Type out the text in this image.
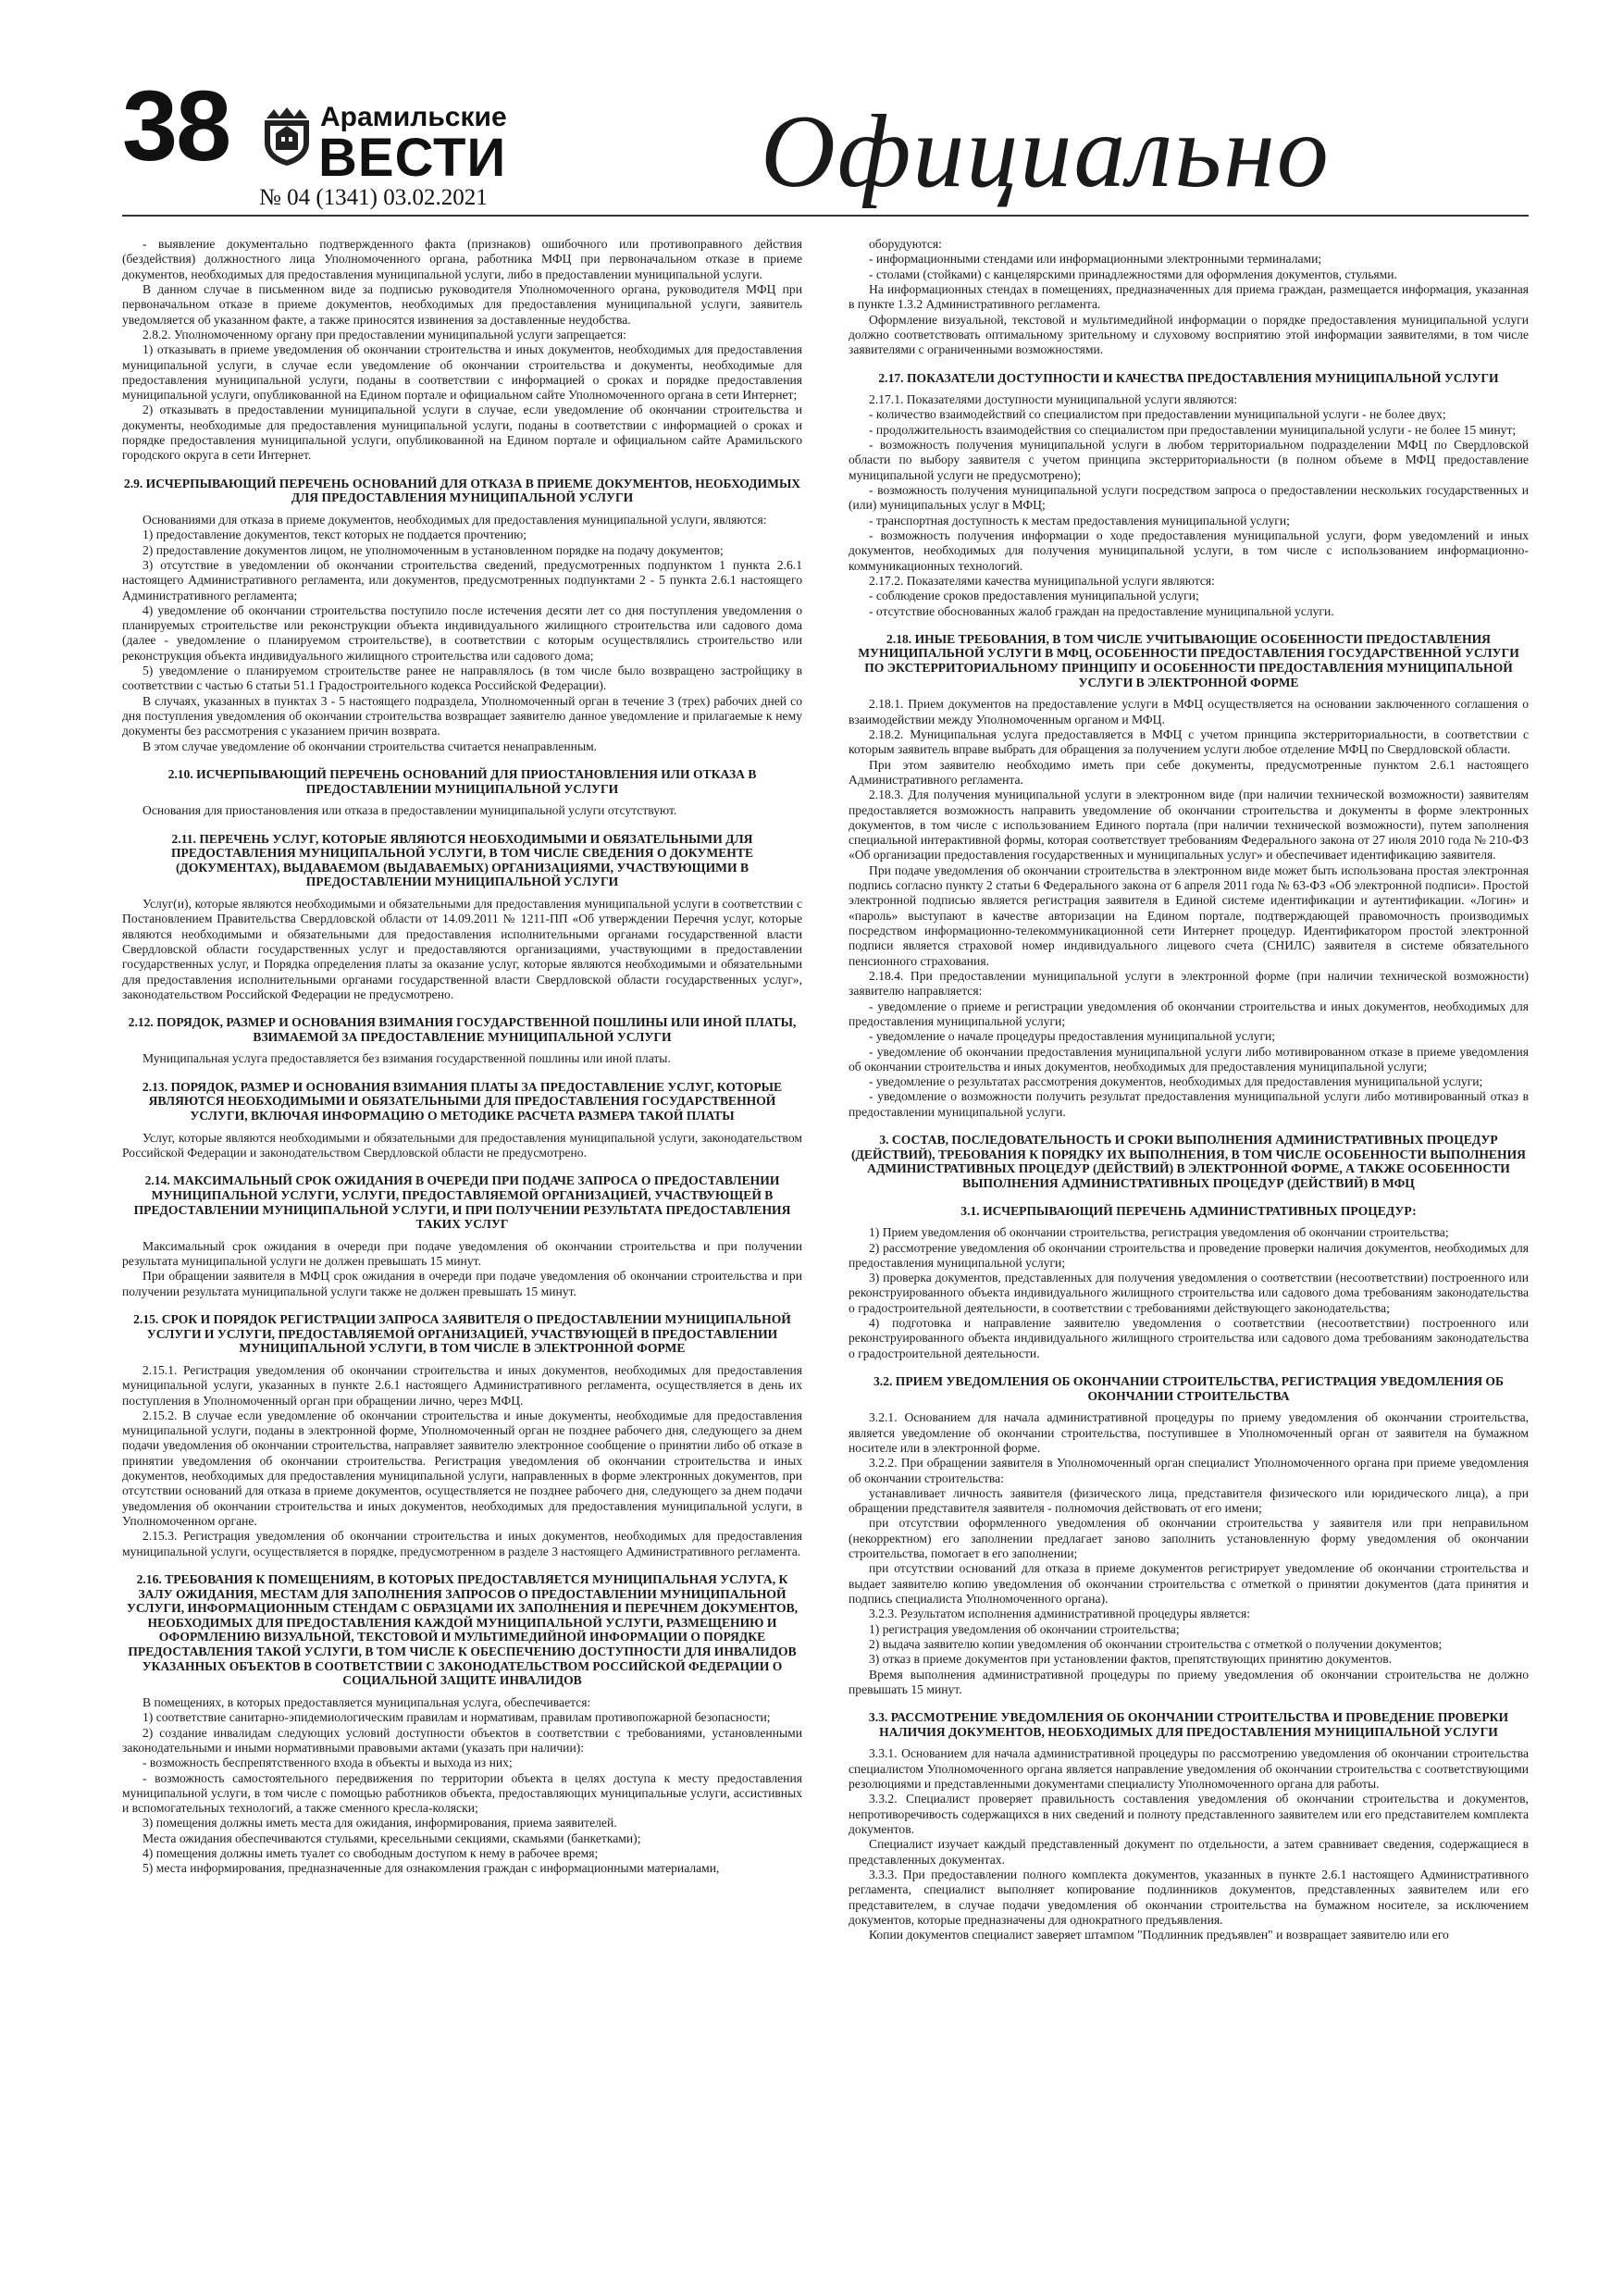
38	Арамильские
ВЕСТИ
№ 04 (1341) 03.02.2021	Официально

- выявление документально подтвержденного факта (признаков) ошибочного или противоправного действия (бездействия) должностного лица Уполномоченного органа, работника МФЦ при первоначальном отказе в приеме документов, необходимых для предоставления муниципальной услуги, либо в предоставлении муниципальной услуги.

В данном случае в письменном виде за подписью руководителя Уполномоченного органа, руководителя МФЦ при первоначальном отказе в приеме документов, необходимых для предоставления муниципальной услуги, заявитель уведомляется об указанном факте, а также приносятся извинения за доставленные неудобства.

2.8.2. Уполномоченному органу при предоставлении муниципальной услуги запрещается:

1) отказывать в приеме уведомления об окончании строительства и иных документов, необходимых для предоставления муниципальной услуги, в случае если уведомление об окончании строительства и документы, необходимые для предоставления муниципальной услуги, поданы в соответствии с информацией о сроках и порядке предоставления муниципальной услуги, опубликованной на Едином портале и официальном сайте Уполномоченного органа в сети Интернет;

2) отказывать в предоставлении муниципальной услуги в случае, если уведомление об окончании строительства и документы, необходимые для предоставления муниципальной услуги, поданы в соответствии с информацией о сроках и порядке предоставления муниципальной услуги, опубликованной на Едином портале и официальном сайте Арамильского городского округа в сети Интернет.

2.9. ИСЧЕРПЫВАЮЩИЙ ПЕРЕЧЕНЬ ОСНОВАНИЙ ДЛЯ ОТКАЗА В ПРИЕМЕ ДОКУМЕНТОВ, НЕОБХОДИМЫХ ДЛЯ ПРЕДОСТАВЛЕНИЯ МУНИЦИПАЛЬНОЙ УСЛУГИ

Основаниями для отказа в приеме документов, необходимых для предоставления муниципальной услуги, являются:

1) предоставление документов, текст которых не поддается прочтению;

2) предоставление документов лицом, не уполномоченным в установленном порядке на подачу документов;

3) отсутствие в уведомлении об окончании строительства сведений, предусмотренных подпунктом 1 пункта 2.6.1 настоящего Административного регламента, или документов, предусмотренных подпунктами 2 - 5 пункта 2.6.1 настоящего Административного регламента;

4) уведомление об окончании строительства поступило после истечения десяти лет со дня поступления уведомления о планируемых строительстве или реконструкции объекта индивидуального жилищного строительства или садового дома (далее - уведомление о планируемом строительстве), в соответствии с которым осуществлялись строительство или реконструкция объекта индивидуального жилищного строительства или садового дома;

5) уведомление о планируемом строительстве ранее не направлялось (в том числе было возвращено застройщику в соответствии с частью 6 статьи 51.1 Градостроительного кодекса Российской Федерации).

В случаях, указанных в пунктах 3 - 5 настоящего подраздела, Уполномоченный орган в течение 3 (трех) рабочих дней со дня поступления уведомления об окончании строительства возвращает заявителю данное уведомление и прилагаемые к нему документы без рассмотрения с указанием причин возврата.

В этом случае уведомление об окончании строительства считается ненаправленным.

2.10. ИСЧЕРПЫВАЮЩИЙ ПЕРЕЧЕНЬ ОСНОВАНИЙ ДЛЯ ПРИОСТАНОВЛЕНИЯ ИЛИ ОТКАЗА В ПРЕДОСТАВЛЕНИИ МУНИЦИПАЛЬНОЙ УСЛУГИ

Основания для приостановления или отказа в предоставлении муниципальной услуги отсутствуют.

2.11. ПЕРЕЧЕНЬ УСЛУГ, КОТОРЫЕ ЯВЛЯЮТСЯ НЕОБХОДИМЫМИ И ОБЯЗАТЕЛЬНЫМИ ДЛЯ ПРЕДОСТАВЛЕНИЯ МУНИЦИПАЛЬНОЙ УСЛУГИ, В ТОМ ЧИСЛЕ СВЕДЕНИЯ О ДОКУМЕНТЕ (ДОКУМЕНТАХ), ВЫДАВАЕМОМ (ВЫДАВАЕМЫХ) ОРГАНИЗАЦИЯМИ, УЧАСТВУЮЩИМИ В ПРЕДОСТАВЛЕНИИ МУНИЦИПАЛЬНОЙ УСЛУГИ

Услуг(и), которые являются необходимыми и обязательными для предоставления муниципальной услуги в соответствии с Постановлением Правительства Свердловской области от 14.09.2011 № 1211-ПП «Об утверждении Перечня услуг, которые являются необходимыми и обязательными для предоставления исполнительными органами государственной власти Свердловской области государственных услуг и предоставляются организациями, участвующими в предоставлении государственных услуг, и Порядка определения платы за оказание услуг, которые являются необходимыми и обязательными для предоставления исполнительными органами государственной власти Свердловской области государственных услуг», законодательством Российской Федерации не предусмотрено.

2.12. ПОРЯДОК, РАЗМЕР И ОСНОВАНИЯ ВЗИМАНИЯ ГОСУДАРСТВЕННОЙ ПОШЛИНЫ ИЛИ ИНОЙ ПЛАТЫ, ВЗИМАЕМОЙ ЗА ПРЕДОСТАВЛЕНИЕ МУНИЦИПАЛЬНОЙ УСЛУГИ

Муниципальная услуга предоставляется без взимания государственной пошлины или иной платы.

2.13. ПОРЯДОК, РАЗМЕР И ОСНОВАНИЯ ВЗИМАНИЯ ПЛАТЫ ЗА ПРЕДОСТАВЛЕНИЕ УСЛУГ, КОТОРЫЕ ЯВЛЯЮТСЯ НЕОБХОДИМЫМИ И ОБЯЗАТЕЛЬНЫМИ ДЛЯ ПРЕДОСТАВЛЕНИЯ ГОСУДАРСТВЕННОЙ УСЛУГИ, ВКЛЮЧАЯ ИНФОРМАЦИЮ О МЕТОДИКЕ РАСЧЕТА РАЗМЕРА ТАКОЙ ПЛАТЫ

Услуг, которые являются необходимыми и обязательными для предоставления муниципальной услуги, законодательством Российской Федерации и законодательством Свердловской области не предусмотрено.

2.14. МАКСИМАЛЬНЫЙ СРОК ОЖИДАНИЯ В ОЧЕРЕДИ ПРИ ПОДАЧЕ ЗАПРОСА О ПРЕДОСТАВЛЕНИИ МУНИЦИПАЛЬНОЙ УСЛУГИ, УСЛУГИ, ПРЕДОСТАВЛЯЕМОЙ ОРГАНИЗАЦИЕЙ, УЧАСТВУЮЩЕЙ В ПРЕДОСТАВЛЕНИИ МУНИЦИПАЛЬНОЙ УСЛУГИ, И ПРИ ПОЛУЧЕНИИ РЕЗУЛЬТАТА ПРЕДОСТАВЛЕНИЯ ТАКИХ УСЛУГ

Максимальный срок ожидания в очереди при подаче уведомления об окончании строительства и при получении результата муниципальной услуги не должен превышать 15 минут.

При обращении заявителя в МФЦ срок ожидания в очереди при подаче уведомления об окончании строительства и при получении результата муниципальной услуги также не должен превышать 15 минут.

2.15. СРОК И ПОРЯДОК РЕГИСТРАЦИИ ЗАПРОСА ЗАЯВИТЕЛЯ О ПРЕДОСТАВЛЕНИИ МУНИЦИПАЛЬНОЙ УСЛУГИ И УСЛУГИ, ПРЕДОСТАВЛЯЕМОЙ ОРГАНИЗАЦИЕЙ, УЧАСТВУЮЩЕЙ В ПРЕДОСТАВЛЕНИИ МУНИЦИПАЛЬНОЙ УСЛУГИ, В ТОМ ЧИСЛЕ В ЭЛЕКТРОННОЙ ФОРМЕ

2.15.1. Регистрация уведомления об окончании строительства и иных документов, необходимых для предоставления муниципальной услуги, указанных в пункте 2.6.1 настоящего Административного регламента, осуществляется в день их поступления в Уполномоченный орган при обращении лично, через МФЦ.

2.15.2. В случае если уведомление об окончании строительства и иные документы, необходимые для предоставления муниципальной услуги, поданы в электронной форме, Уполномоченный орган не позднее рабочего дня, следующего за днем подачи уведомления об окончании строительства, направляет заявителю электронное сообщение о принятии либо об отказе в принятии уведомления об окончании строительства. Регистрация уведомления об окончании строительства и иных документов, необходимых для предоставления муниципальной услуги, направленных в форме электронных документов, при отсутствии оснований для отказа в приеме документов, осуществляется не позднее рабочего дня, следующего за днем подачи уведомления об окончании строительства и иных документов, необходимых для предоставления муниципальной услуги, в Уполномоченном органе.

2.15.3. Регистрация уведомления об окончании строительства и иных документов, необходимых для предоставления муниципальной услуги, осуществляется в порядке, предусмотренном в разделе 3 настоящего Административного регламента.

2.16. ТРЕБОВАНИЯ К ПОМЕЩЕНИЯМ, В КОТОРЫХ ПРЕДОСТАВЛЯЕТСЯ МУНИЦИПАЛЬНАЯ УСЛУГА, К ЗАЛУ ОЖИДАНИЯ, МЕСТАМ ДЛЯ ЗАПОЛНЕНИЯ ЗАПРОСОВ О ПРЕДОСТАВЛЕНИИ МУНИЦИПАЛЬНОЙ УСЛУГИ, ИНФОРМАЦИОННЫМ СТЕНДАМ С ОБРАЗЦАМИ ИХ ЗАПОЛНЕНИЯ И ПЕРЕЧНЕМ ДОКУМЕНТОВ, НЕОБХОДИМЫХ ДЛЯ ПРЕДОСТАВЛЕНИЯ КАЖДОЙ МУНИЦИПАЛЬНОЙ УСЛУГИ, РАЗМЕЩЕНИЮ И ОФОРМЛЕНИЮ ВИЗУАЛЬНОЙ, ТЕКСТОВОЙ И МУЛЬТИМЕДИЙНОЙ ИНФОРМАЦИИ О ПОРЯДКЕ ПРЕДОСТАВЛЕНИЯ ТАКОЙ УСЛУГИ, В ТОМ ЧИСЛЕ К ОБЕСПЕЧЕНИЮ ДОСТУПНОСТИ ДЛЯ ИНВАЛИДОВ УКАЗАННЫХ ОБЪЕКТОВ В СООТВЕТСТВИИ С ЗАКОНОДАТЕЛЬСТВОМ РОССИЙСКОЙ ФЕДЕРАЦИИ О СОЦИАЛЬНОЙ ЗАЩИТЕ ИНВАЛИДОВ

В помещениях, в которых предоставляется муниципальная услуга, обеспечивается:

1) соответствие санитарно-эпидемиологическим правилам и нормативам, правилам противопожарной безопасности;

2) создание инвалидам следующих условий доступности объектов в соответствии с требованиями, установленными законодательными и иными нормативными правовыми актами (указать при наличии):

- возможность беспрепятственного входа в объекты и выхода из них;

- возможность самостоятельного передвижения по территории объекта в целях доступа к месту предоставления муниципальной услуги, в том числе с помощью работников объекта, предоставляющих муниципальные услуги, ассистивных и вспомогательных технологий, а также сменного кресла-коляски;

3) помещения должны иметь места для ожидания, информирования, приема заявителей.

Места ожидания обеспечиваются стульями, кресельными секциями, скамьями (банкетками);

4) помещения должны иметь туалет со свободным доступом к нему в рабочее время;

5) места информирования, предназначенные для ознакомления граждан с информационными материалами,

оборудуются:

- информационными стендами или информационными электронными терминалами;

- столами (стойками) с канцелярскими принадлежностями для оформления документов, стульями.

На информационных стендах в помещениях, предназначенных для приема граждан, размещается информация, указанная в пункте 1.3.2 Административного регламента.

Оформление визуальной, текстовой и мультимедийной информации о порядке предоставления муниципальной услуги должно соответствовать оптимальному зрительному и слуховому восприятию этой информации заявителями, в том числе заявителями с ограниченными возможностями.

2.17. ПОКАЗАТЕЛИ ДОСТУПНОСТИ И КАЧЕСТВА ПРЕДОСТАВЛЕНИЯ МУНИЦИПАЛЬНОЙ УСЛУГИ

2.17.1. Показателями доступности муниципальной услуги являются:

- количество взаимодействий со специалистом при предоставлении муниципальной услуги - не более двух;

- продолжительность взаимодействия со специалистом при предоставлении муниципальной услуги - не более 15 минут;

- возможность получения муниципальной услуги в любом территориальном подразделении МФЦ по Свердловской области по выбору заявителя с учетом принципа экстерриториальности (в полном объеме в МФЦ предоставление муниципальной услуги не предусмотрено);

- возможность получения муниципальной услуги посредством запроса о предоставлении нескольких государственных и (или) муниципальных услуг в МФЦ;

- транспортная доступность к местам предоставления муниципальной услуги;

- возможность получения информации о ходе предоставления муниципальной услуги, форм уведомлений и иных документов, необходимых для получения муниципальной услуги, в том числе с использованием информационно-коммуникационных технологий.

2.17.2. Показателями качества муниципальной услуги являются:

- соблюдение сроков предоставления муниципальной услуги;

- отсутствие обоснованных жалоб граждан на предоставление муниципальной услуги.

2.18. ИНЫЕ ТРЕБОВАНИЯ, В ТОМ ЧИСЛЕ УЧИТЫВАЮЩИЕ ОСОБЕННОСТИ ПРЕДОСТАВЛЕНИЯ МУНИЦИПАЛЬНОЙ УСЛУГИ В МФЦ, ОСОБЕННОСТИ ПРЕДОСТАВЛЕНИЯ ГОСУДАРСТВЕННОЙ УСЛУГИ ПО ЭКСТЕРРИТОРИАЛЬНОМУ ПРИНЦИПУ И ОСОБЕННОСТИ ПРЕДОСТАВЛЕНИЯ МУНИЦИПАЛЬНОЙ УСЛУГИ В ЭЛЕКТРОННОЙ ФОРМЕ

2.18.1. Прием документов на предоставление услуги в МФЦ осуществляется на основании заключенного соглашения о взаимодействии между Уполномоченным органом и МФЦ.

2.18.2. Муниципальная услуга предоставляется в МФЦ с учетом принципа экстерриториальности, в соответствии с которым заявитель вправе выбрать для обращения за получением услуги любое отделение МФЦ по Свердловской области.

При этом заявителю необходимо иметь при себе документы, предусмотренные пунктом 2.6.1 настоящего Административного регламента.

2.18.3. Для получения муниципальной услуги в электронном виде (при наличии технической возможности) заявителям предоставляется возможность направить уведомление об окончании строительства и документы в форме электронных документов, в том числе с использованием Единого портала (при наличии технической возможности), путем заполнения специальной интерактивной формы, которая соответствует требованиям Федерального закона от 27 июля 2010 года № 210-ФЗ «Об организации предоставления государственных и муниципальных услуг» и обеспечивает идентификацию заявителя.

При подаче уведомления об окончании строительства в электронном виде может быть использована простая электронная подпись согласно пункту 2 статьи 6 Федерального закона от 6 апреля 2011 года № 63-ФЗ «Об электронной подписи». Простой электронной подписью является регистрация заявителя в Единой системе идентификации и аутентификации. «Логин» и «пароль» выступают в качестве авторизации на Едином портале, подтверждающей правомочность производимых посредством информационно-телекоммуникационной сети Интернет процедур. Идентификатором простой электронной подписи является страховой номер индивидуального лицевого счета (СНИЛС) заявителя в системе обязательного пенсионного страхования.

2.18.4. При предоставлении муниципальной услуги в электронной форме (при наличии технической возможности) заявителю направляется:

- уведомление о приеме и регистрации уведомления об окончании строительства и иных документов, необходимых для предоставления муниципальной услуги;

- уведомление о начале процедуры предоставления муниципальной услуги;

- уведомление об окончании предоставления муниципальной услуги либо мотивированном отказе в приеме уведомления об окончании строительства и иных документов, необходимых для предоставления муниципальной услуги;

- уведомление о результатах рассмотрения документов, необходимых для предоставления муниципальной услуги;

- уведомление о возможности получить результат предоставления муниципальной услуги либо мотивированный отказ в предоставлении муниципальной услуги.

3. СОСТАВ, ПОСЛЕДОВАТЕЛЬНОСТЬ И СРОКИ ВЫПОЛНЕНИЯ АДМИНИСТРАТИВНЫХ ПРОЦЕДУР (ДЕЙСТВИЙ), ТРЕБОВАНИЯ К ПОРЯДКУ ИХ ВЫПОЛНЕНИЯ, В ТОМ ЧИСЛЕ ОСОБЕННОСТИ ВЫПОЛНЕНИЯ АДМИНИСТРАТИВНЫХ ПРОЦЕДУР (ДЕЙСТВИЙ) В ЭЛЕКТРОННОЙ ФОРМЕ, А ТАКЖЕ ОСОБЕННОСТИ ВЫПОЛНЕНИЯ АДМИНИСТРАТИВНЫХ ПРОЦЕДУР (ДЕЙСТВИЙ) В МФЦ
3.1. ИСЧЕРПЫВАЮЩИЙ ПЕРЕЧЕНЬ АДМИНИСТРАТИВНЫХ ПРОЦЕДУР:

1) Прием уведомления об окончании строительства, регистрация уведомления об окончании строительства;

2) рассмотрение уведомления об окончании строительства и проведение проверки наличия документов, необходимых для предоставления муниципальной услуги;

3) проверка документов, представленных для получения уведомления о соответствии (несоответствии) построенного или реконструированного объекта индивидуального жилищного строительства или садового дома требованиям законодательства о градостроительной деятельности, в соответствии с требованиями действующего законодательства;

4) подготовка и направление заявителю уведомления о соответствии (несоответствии) построенного или реконструированного объекта индивидуального жилищного строительства или садового дома требованиям законодательства о градостроительной деятельности.

3.2. ПРИЕМ УВЕДОМЛЕНИЯ ОБ ОКОНЧАНИИ СТРОИТЕЛЬСТВА, РЕГИСТРАЦИЯ УВЕДОМЛЕНИЯ ОБ ОКОНЧАНИИ СТРОИТЕЛЬСТВА

3.2.1. Основанием для начала административной процедуры по приему уведомления об окончании строительства, является уведомление об окончании строительства, поступившее в Уполномоченный орган от заявителя на бумажном носителе или в электронной форме.

3.2.2. При обращении заявителя в Уполномоченный орган специалист Уполномоченного органа при приеме уведомления об окончании строительства:

устанавливает личность заявителя (физического лица, представителя физического или юридического лица), а при обращении представителя заявителя - полномочия действовать от его имени;

при отсутствии оформленного уведомления об окончании строительства у заявителя или при неправильном (некорректном) его заполнении предлагает заново заполнить установленную форму уведомления об окончании строительства, помогает в его заполнении;

при отсутствии оснований для отказа в приеме документов регистрирует уведомление об окончании строительства и выдает заявителю копию уведомления об окончании строительства с отметкой о принятии документов (дата принятия и подпись специалиста Уполномоченного органа).

3.2.3. Результатом исполнения административной процедуры является:

1) регистрация уведомления об окончании строительства;

2) выдача заявителю копии уведомления об окончании строительства с отметкой о получении документов;

3) отказ в приеме документов при установлении фактов, препятствующих принятию документов.

Время выполнения административной процедуры по приему уведомления об окончании строительства не должно превышать 15 минут.

3.3. РАССМОТРЕНИЕ УВЕДОМЛЕНИЯ ОБ ОКОНЧАНИИ СТРОИТЕЛЬСТВА И ПРОВЕДЕНИЕ ПРОВЕРКИ НАЛИЧИЯ ДОКУМЕНТОВ, НЕОБХОДИМЫХ ДЛЯ ПРЕДОСТАВЛЕНИЯ МУНИЦИПАЛЬНОЙ УСЛУГИ

3.3.1. Основанием для начала административной процедуры по рассмотрению уведомления об окончании строительства специалистом Уполномоченного органа является направление уведомления об окончании строительства с соответствующими резолюциями и представленными документами специалисту Уполномоченного органа для работы.

3.3.2. Специалист проверяет правильность составления уведомления об окончании строительства и документов, непротиворечивость содержащихся в них сведений и полноту представленного заявителем или его представителем комплекта документов.

Специалист изучает каждый представленный документ по отдельности, а затем сравнивает сведения, содержащиеся в представленных документах.

3.3.3. При предоставлении полного комплекта документов, указанных в пункте 2.6.1 настоящего Административного регламента, специалист выполняет копирование подлинников документов, представленных заявителем или его представителем, в случае подачи уведомления об окончании строительства на бумажном носителе, за исключением документов, которые предназначены для однократного предъявления.

Копии документов специалист заверяет штампом "Подлинник предъявлен" и возвращает заявителю или его
